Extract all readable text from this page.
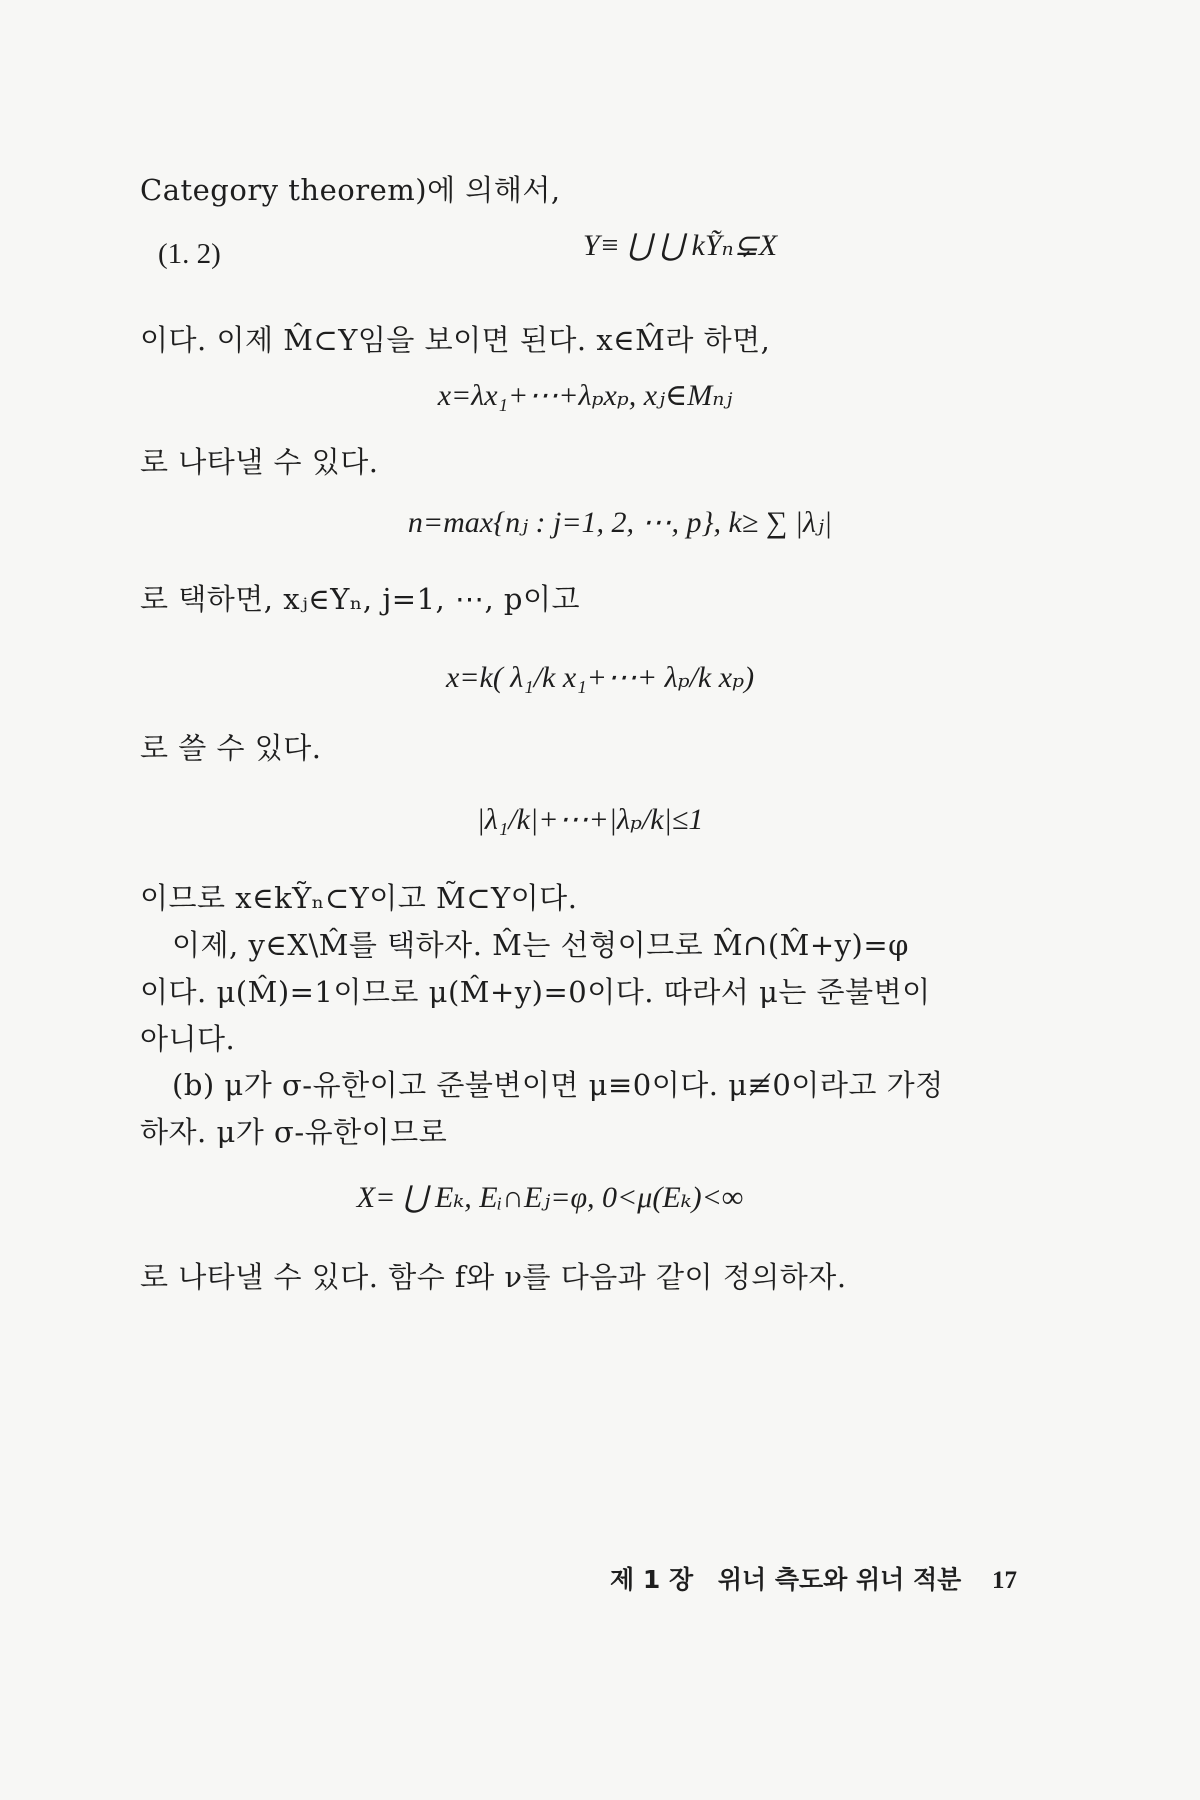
Category theorem)에 의해서,
(1. 2)	Y≡ ⋃ ⋃ kỸₙ⊊X
이다. 이제 M̂⊂Y임을 보이면 된다. x∈M̂라 하면,
x=λx₁+⋯+λₚxₚ, xⱼ∈Mₙⱼ
로 나타낼 수 있다.
n=max{nⱼ : j=1, 2, ⋯, p}, k≥ ∑ |λⱼ|
로 택하면, xⱼ∈Yₙ, j=1, ⋯, p이고
x=k( λ₁/k x₁+⋯+ λₚ/k xₚ)
로 쓸 수 있다.
|λ₁/k|+⋯+|λₚ/k|≤1
이므로 x∈kỸₙ⊂Y이고 M̃⊂Y이다.
이제, y∈X\M̂를 택하자. M̂는 선형이므로 M̂∩(M̂+y)=φ
이다. μ(M̂)=1이므로 μ(M̂+y)=0이다. 따라서 μ는 준불변이
아니다.
(b) μ가 σ-유한이고 준불변이면 μ≡0이다. μ≢0이라고 가정
하자. μ가 σ-유한이므로
X= ⋃ Eₖ, Eᵢ∩Eⱼ=φ, 0<μ(Eₖ)<∞
로 나타낼 수 있다. 함수 f와 ν를 다음과 같이 정의하자.
제 1 장 위너 측도와 위너 적분 17
